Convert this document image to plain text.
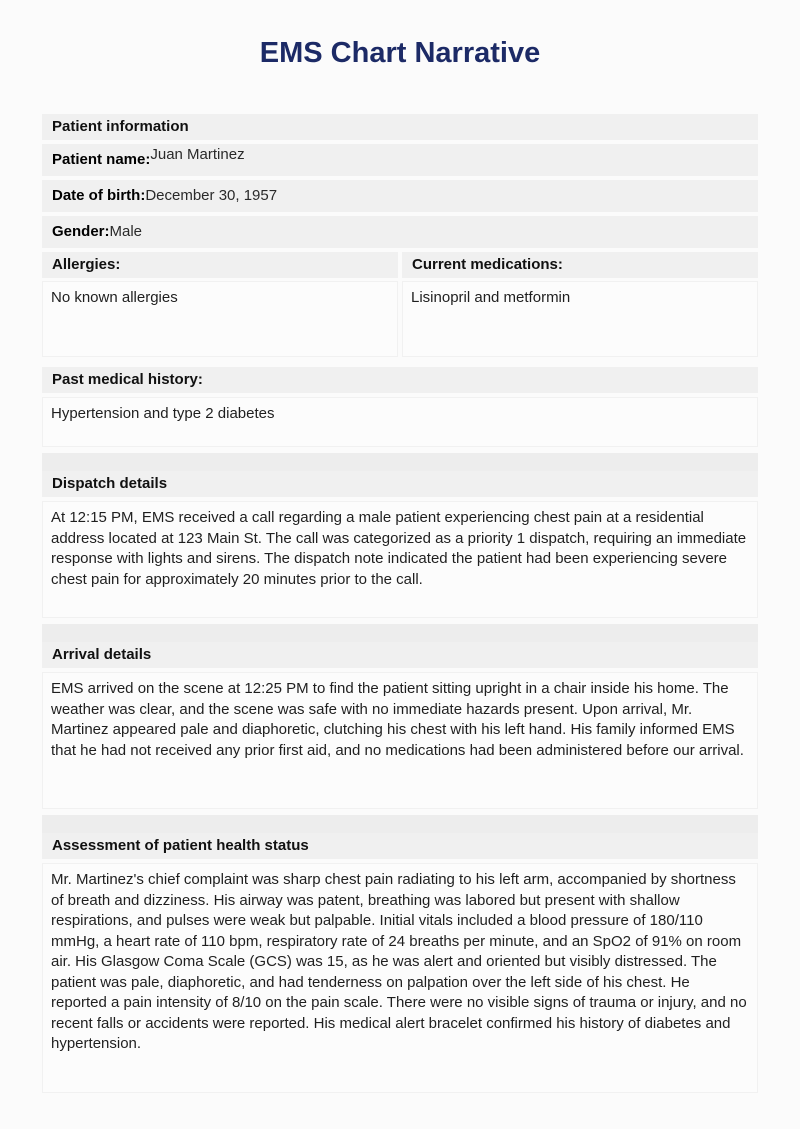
EMS Chart Narrative
Patient information
Patient name:Juan Martinez
Date of birth:December 30, 1957
Gender:Male
Allergies:
No known allergies
Current medications:
Lisinopril and metformin
Past medical history:
Hypertension and type 2 diabetes
Dispatch details
At 12:15 PM, EMS received a call regarding a male patient experiencing chest pain at a residential address located at 123 Main St. The call was categorized as a priority 1 dispatch, requiring an immediate response with lights and sirens. The dispatch note indicated the patient had been experiencing severe chest pain for approximately 20 minutes prior to the call.
Arrival details
EMS arrived on the scene at 12:25 PM to find the patient sitting upright in a chair inside his home. The weather was clear, and the scene was safe with no immediate hazards present. Upon arrival, Mr. Martinez appeared pale and diaphoretic, clutching his chest with his left hand. His family informed EMS that he had not received any prior first aid, and no medications had been administered before our arrival.
Assessment of patient health status
Mr. Martinez's chief complaint was sharp chest pain radiating to his left arm, accompanied by shortness of breath and dizziness. His airway was patent, breathing was labored but present with shallow respirations, and pulses were weak but palpable. Initial vitals included a blood pressure of 180/110 mmHg, a heart rate of 110 bpm, respiratory rate of 24 breaths per minute, and an SpO2 of 91% on room air. His Glasgow Coma Scale (GCS) was 15, as he was alert and oriented but visibly distressed. The patient was pale, diaphoretic, and had tenderness on palpation over the left side of his chest. He reported a pain intensity of 8/10 on the pain scale. There were no visible signs of trauma or injury, and no recent falls or accidents were reported. His medical alert bracelet confirmed his history of diabetes and hypertension.
